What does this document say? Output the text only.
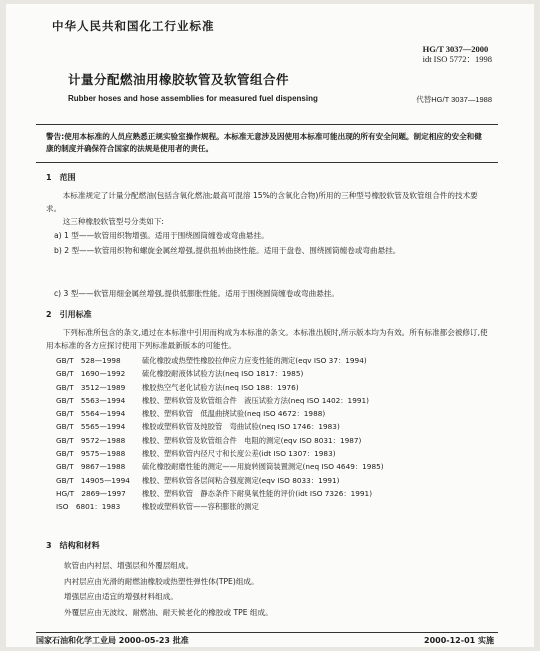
中华人民共和国化工行业标准
HG/T 3037—2000
idt ISO 5772：1998
计量分配燃油用橡胶软管及软管组合件
Rubber hoses and hose assemblies for measured fuel dispensing	代替HG/T 3037—1988
警告:使用本标准的人员应熟悉正规实验室操作规程。本标准无意涉及因使用本标准可能出现的所有安全问题。制定相应的安全和健康的制度并确保符合国家的法规是使用者的责任。
1　范围
本标准规定了计量分配燃油(包括含氧化燃油;最高可混溶 15%的含氧化合物)所用的三种型号橡胶软管及软管组合件的技术要求。
这三种橡胶软管型号分类如下:
a) 1 型——软管用织物增强。适用于围绕圆筒缠卷或弯曲悬挂。
b) 2 型——软管用织物和螺旋金属丝增强,提供扭转曲挠性能。适用于盘卷、围绕圆筒缠卷或弯曲悬挂。
c) 3 型——软管用细金属丝增强,提供低膨胀性能。适用于围绕圆筒缠卷或弯曲悬挂。
2　引用标准
下列标准所包含的条文,通过在本标准中引用而构成为本标准的条文。本标准出版时,所示版本均为有效。所有标准都会被修订,使用本标准的各方应探讨使用下列标准最新版本的可能性。
GB/T　528—1998	硫化橡胶或热塑性橡胶拉伸应力应变性能的测定(eqv ISO 37：1994)
GB/T　1690—1992 硫化橡胶耐液体试验方法(neq ISO 1817：1985)
GB/T　3512—1989 橡胶热空气老化试验方法(neq ISO 188：1976)
GB/T　5563—1994 橡胶、塑料软管及软管组合件　液压试验方法(neq ISO 1402：1991)
GB/T　5564—1994 橡胶、塑料软管　低温曲挠试验(neq ISO 4672：1988)
GB/T　5565—1994 橡胶或塑料软管及纯胶管　弯曲试验(neq ISO 1746：1983)
GB/T　9572—1988 橡胶、塑料软管及软管组合件　电阻的测定(eqv ISO 8031：1987)
GB/T　9575—1988 橡胶、塑料软管内径尺寸和长度公差(idt ISO 1307：1983)
GB/T　9867—1988 硫化橡胶耐磨性能的测定——用旋转圆筒装置测定(neq ISO 4649：1985)
GB/T　14905—1994 橡胶、塑料软管各层间粘合强度测定(eqv ISO 8033：1991)
HG/T　2869—1997 橡胶、塑料软管　静态条件下耐臭氧性能的评价(idt ISO 7326：1991)
ISO　6801：1983	橡胶或塑料软管——容积膨胀的测定
3　结构和材料
软管由内衬层、增强层和外覆层组成。
内衬层应由光滑的耐燃油橡胶或热塑性弹性体(TPE)组成。
增强层应由适宜的增强材料组成。
外覆层应由无波纹、耐燃油、耐天候老化的橡胶或 TPE 组成。
国家石油和化学工业局 2000-05-23 批准	2000-12-01 实施
